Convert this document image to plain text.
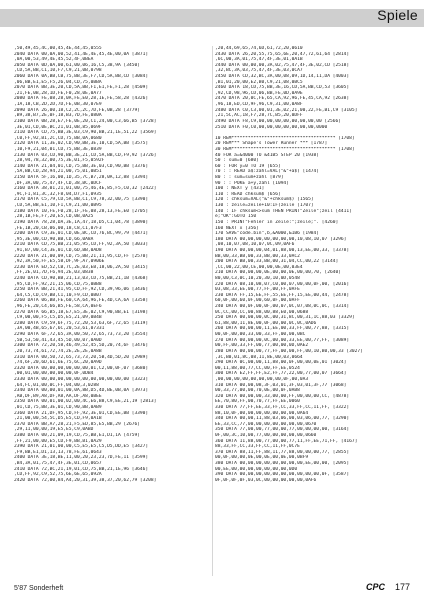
Spiele
,50,49,45,4C,00,45,4E,44,45,0555
2040 DATA 00,0A,00,52,41,4E,4E,45,4E,00,0A [3871]
,0A,00,53,49,4E,45,52,4F,0BEA
2050 DATA 0D,0A,00,61,00,06,16,C5,38,9A [3450]
,CD,5A,BB,C1,10,F7,C9,21,0B,0798
2060 DATA 0A,BB,CB,75,BB,3E,F7,CD,5A,BB,CD [3084]
,06,BB,E1,E5,F5,26,04,CD,75,0BBA
2070 DATA BB,3E,20,CD,5A,BB,F1,E1,FE,F1,28 [4509]
,21,FE,0B,28,1D,FE,F0,28,0E,0A77
2080 DATA FE,08,28,0A,FE,E0,28,1E,FE,58,28 [4326]
,1A,18,CB,2D,2D,7D,FE,0B,30,07E9
2090 DATA 26,00,18,C2,2C,2C,7D,FE,0B,28 [3779]
,B9,38,B7,2E,0F,18,B3,7D,FE,080A
2100 DATA 0B,28,E7,FE,0E,20,C1,24,00,C3,66,B5 [3728]
,3E,01,CD,0E,BC,21,01,0B,85,069F
2110 DATA CD,75,BB,3E,03,C9,90,BB,21,1E,51,22 [3569]
,C0,FF,92,B1,2C,CD,75,BB,0A,0680
2120 DATA 11,3E,02,CD,90,BB,3E,10,CD,5A,BB [3575]
,10,F9,21,04,01,CD,75,BB,3E,0839
2130 DATA 03,CD,90,BB,3E,21,CD,5A,BB,CD,F9,92 [3726]
,28,94,78,32,00,75,3E,01,F5,0592F
2140 DATA 21,04,01,CD,75,BB,3E,03,CD,90,BB [3376]
,5A,BB,CD,28,94,21,00,75,01,0B51
2150 DATA 5F,16,00,1D,35,7C,B7,28,0A,12,88 [3394]
,DF,3A,00,75,47,4F,CD,38,BC,0DCF
2160 DATA 38,01,21,01,00,75,46,4E,85,F5,C0,32 [2422]
,9C,F1,81,3C,32,F8,04,D7,F1,0935
2170 DATA C5,79,CD,5A,BB,C1,C9,78,32,00,75 [3390]
,CD,5A,BB,E1,10,F1,C9,21,00,0B95
2180 DATA 10,FE,F0,28,1F,FE,08,28,13,FE,E0 [2705]
,28,1B,FE,F7,20,E5,CD,0B,0A25
2190 DATA 78,28,DA,3E,1A,47,18,D5,C1,04,78 [3890]
,FE,1B,20,CB,06,00,18,C8,C1,07F3
2200 DATA C9,3E,01,CD,0E,BC,CD,76,BC,99,79 [4471]
,95,3E,00,CD,90,BB,CD,66,0A8A
2210 DATA CD,75,BB,21,05,95,CD,FF,92,3A,50 [3033]
,91,B7,00,C4,3E,01,CD,6D,BB,0AD8
2220 DATA 21,00,09,CD,75,BB,21,11,95,CD,FF [2570]
,92,3A,50,FF,E5,58,DF,9F,A7,0906E
2230 DATA ED,52,CB,7C,2E,03,EB,18,06,2A,50 [3415]
,FF,2E,01,7D,F6,94,2E,03,0838
2240 DATA CD,90,BB,21,13,03,CD,75,BB,21,1B [4368]
,95,CD,FF,92,21,15,06,CD,75,0BB8
2250 DATA BB,21,41,95,CD,FF,92,CD,39,96,06 [3436]
,64,C5,CD,C9,BB,C1,10,F9,CD,0B07
2260 DATA 06,BB,FE,60,CA,64,96,FE,4D,CA,6A [3358]
,96,FE,20,C4,66,B5,FE,58,CA,0EF6
2270 DATA 66,B5,18,E7,E5,3E,02,C9,90,BB,E1 [3198]
,C9,00,00,F5,C5,D5,E5,21,09,0B4B
2280 DATA C9,59,6F,75,72,20,53,63,6F,72,65 [3119]
,3A,00,4B,65,67,6C,20,53,61,07331
2290 DATA 6F,72,65,3A,00,50,72,65,73,73,20 [3554]
,5B,53,50,41,43,45,5D,00,07,0A0D
2300 DATA 72,20,58,46,49,52,45,5D,20,74,6F [3476]
,20,73,74,61,72,74,2E,2E,2E,0A8B
2310 DATA 00,50,72,65,73,73,20,5B,4D,5D,20 [2989]
,74,6F,20,6D,61,6E,75,6C,20,0A9D
2320 DATA 00,00,00,00,00,00,01,C2,00,0F,07 [3680]
,00,01,00,00,00,00,00,0F,0DB4
2330 DATA 00,00,00,00,00,00,00,00,00,00,00 [3323]
,64,FC,01,00,0C,FF,04,00,3,0288
2340 DATA 00,00,01,00,0A,8B,D5,4D,BE,0B,0A [3973]
,AB,DF,B9,A8,DF,A8,AA,DF,A8,0BEE
2350 DATA 00,01,00,02,00,4C,E6,B8,C9,EE,21,19 [2813]
,01,CD,75,BB,3E,01,CD,90,BB,0AB9
2360 DATA 21,DF,95,CD,FF,92,3E,01,CD,EE,BB [3390]
,21,00,00,54,5C,D5,E5,CD,F9,0A1B
2370 DATA BB,A7,28,21,F5,ED,85,E5,BB,29 [2676]
,29,11,00,00,19,E5,E5,C9,0ABD
2380 DATA 00,21,09,19,CD,75,BB,E1,D1,1A [4759]
,FF,21,00,00,E5,CD,F9,BB,B1,0A29
2390 DATA 21,01,00,00,C5,E5,E5,C5,D5,DD,E5 [3427]
,F9,BB,E1,D1,13,13,78,FE,61,0643
2400 DATA 3E,18,BE,11,00,20,23,23,7D,FE,11 [3599]
,B4,3A,01,75,47,4F,3E,01,CD,0657
2410 DATA 72,BC,21,19,01,CD,75,BB,21,1E,96 [3646]
,CD,FF,92,C9,52,75,6E,6E,65,092A
2420 DATA 72,00,84,A4,20,31,39,38,37,20,62,79 [3208]
,20,44,69,65,74,6D,61,72,20,0610
2430 DATA 26,20,55,75,65,6E,20,47,72,61,64 [2814]
,6C,00,3A,01,75,47,4F,3E,01,0A1B
2440 DATA 00,00,00,3A,02,75,47,4F,3E,02,CD [2518]
,32,BC,3A,03,75,47,4F,3E,03,0CA7
2450 DATA CD,32,BC,3A,00,08,09,1D,14,11,DA [4003]
,B1,01,20,00,E2,B0,C9,21,08,0BC5
2460 DATA 18,CD,75,BB,3E,16,CD,5A,BB,CD,53 [3605]
,92,CD,98,96,CD,06,BB,FE,0D,0A9E
2470 DATA 20,0C,FE,65,CA,92,96,FE,45,CA,92 [2638]
,96,18,ED,CD,9F,96,C9,31,00,0A8F
2480 DATA C0,C3,00,01,3E,02,21,00,22,FE,B1,C9 [3105]
,21,5C,AC,18,F7,28,7C,B5,20,0DFF
2490 DATA F8,C9,00,00,00,00,00,00,00,00 [2566]
2510 DATA F0,C0,00,00,00,00,00,00,00,0000
10 REM************************************** [1708]
20 REM*** Shape's Tower Runner *** [1787]
30 REM************************************** [1708]
40 FOR a=&4000 TO &41B5 STEP 20 [1938]
50 : sum=0 [680]
60 : FOR y=0 TO 19 [655]
70 : : READ a$:zahl=VAL("&"+a$) [1474]
80 : : sum=sum+zahl [879]
90 : : POKE a+y,zahl [1094]
100 : NEXT y [431]
110 : READ chksum$ [656]
120 : chksum=VAL("&"+chksum$) [1565]
130 : zeile=zeile+10:IF(zeile [1707]
140 : IF chksum<>sum THEN PRINT"Zeile";zeil [4411]
e;"OK":GOTO 150
150 : PRINT"Fehler in Zeile:";zeile;". [4260]
160 NEXT x [356]
170 SAVE"code.bin",b,&A000,&1B6 [1984]
180 DATA 00,00,00,00,00,00,00,10,08,10,07 [3296]
,08,10,07,08,10,07,0C,09,0AF6
190 DATA 00,00,00,04,01,88,00,13,EE,00,33, [3378]
BB,00,33,BB,00,33,BB,00,33,0AC2
200 DATA BB,00,33,BB,00,31,04,CC,00,22 [3144]
,CC,00,22,00,CE,00,00,0E,00,03E4
210 DATA 00,00,00,0E,00,00,0E,00,00,70, [2640]
80,00,C3,0C,10,20,30,10,0D,0548
220 DATA 08,10,08,07,C0,00,07,00,00,0F,00, [2016]
03,08,33,EE,00,77,FF,00,FF,0AFE
230 DATA FF,15,EE,FF,55,EE,FF,15,EE,00,44, [2478]
60,0F,00,60,0F,00,60,0F,00,0AFF
240 DATA 00,0F,00,0F,00,07,0C,07,08,0C,0C, [3314]
0C,CC,00,CC,00,88,00,88,E0,00,0688
250 DATA 00,00,00,0C,00,31,8C,00,31,1C,88,03 [3329]
61,88,00,11,8E,00,0F,00,00,0C,0C,0AD6
260 DATA 00,00,00,11,EE,00,33,FF,00,77,88, [3315]
00,0F,00,00,33,00,33,FF,00,00,0BC
270 DATA 00,00,00,0C,00,00,33,EE,00,77,FF, [3089]
00,FF,00,33,FF,00,77,00,00,0D,0AE2
280 DATA 00,00,00,77,FF,00,00,FF,00,10,B0,00,33 [3027]
,3C,B0,01,8C,08,11,8E,00,03,0664
290 DATA 0C,00,00,11,88,00,0F,00,00,0E,01 [3024]
00,11,88,00,77,CC,00,FF,EE,0524
300 DATA E2,FF,FF,E2,FF,77,22,00,77,00,07 [3664]
,00,00,00,00,00,00,00,00,0F,00,0A3
310 DATA 00,00,08,3F,03,01,3F,03,01,3F,77 [3068]
00,33,77,00,00,70,0E,00,0F,0AB8
320 DATA 00,00,00,33,00,00,FF,00,00,00,CC, [4878]
EE,70,80,FF,00,70,77,FF,EE,0060
330 DATA 77,FF,EE,33,FF,CC,33,FF,CC,11,FF, [3322]
88,10,0F,00,00,00,00,00,00,00,0A64
340 DATA 00,00,11,88,03,06,00,03,06,00,77, [3290]
EE,33,CC,77,00,00,00,00,00,00,00,0670
350 DATA 77,00,00,77,00,00,77,00,00,00,00, [3164]
0F,00,3C,10,00,77,00,00,00,00,00,0660
360 DATA 11,88,00,77,00,00,77,11,FF,EE,71,FF, [4167]
88,33,FF,CC,33,FF,CC,11,FF,0C7E
370 DATA 88,11,FF,88,11,77,88,00,00,00,77, [2855]
00,0F,00,00,0E,00,0E,00,0E,00,0BF9
380 DATA 00,00,00,00,00,00,00,00,EE,00,00, [2095]
00,EE,00,00,00,00,00,00,00,0D0
390 DATA 00,00,00,00,00,00,00,00,00,00,0F, [3587]
0F,0F,0F,0F,03,0C,00,00,00,00,00,0AF6
5'87 Sonderheft	CPC 177
